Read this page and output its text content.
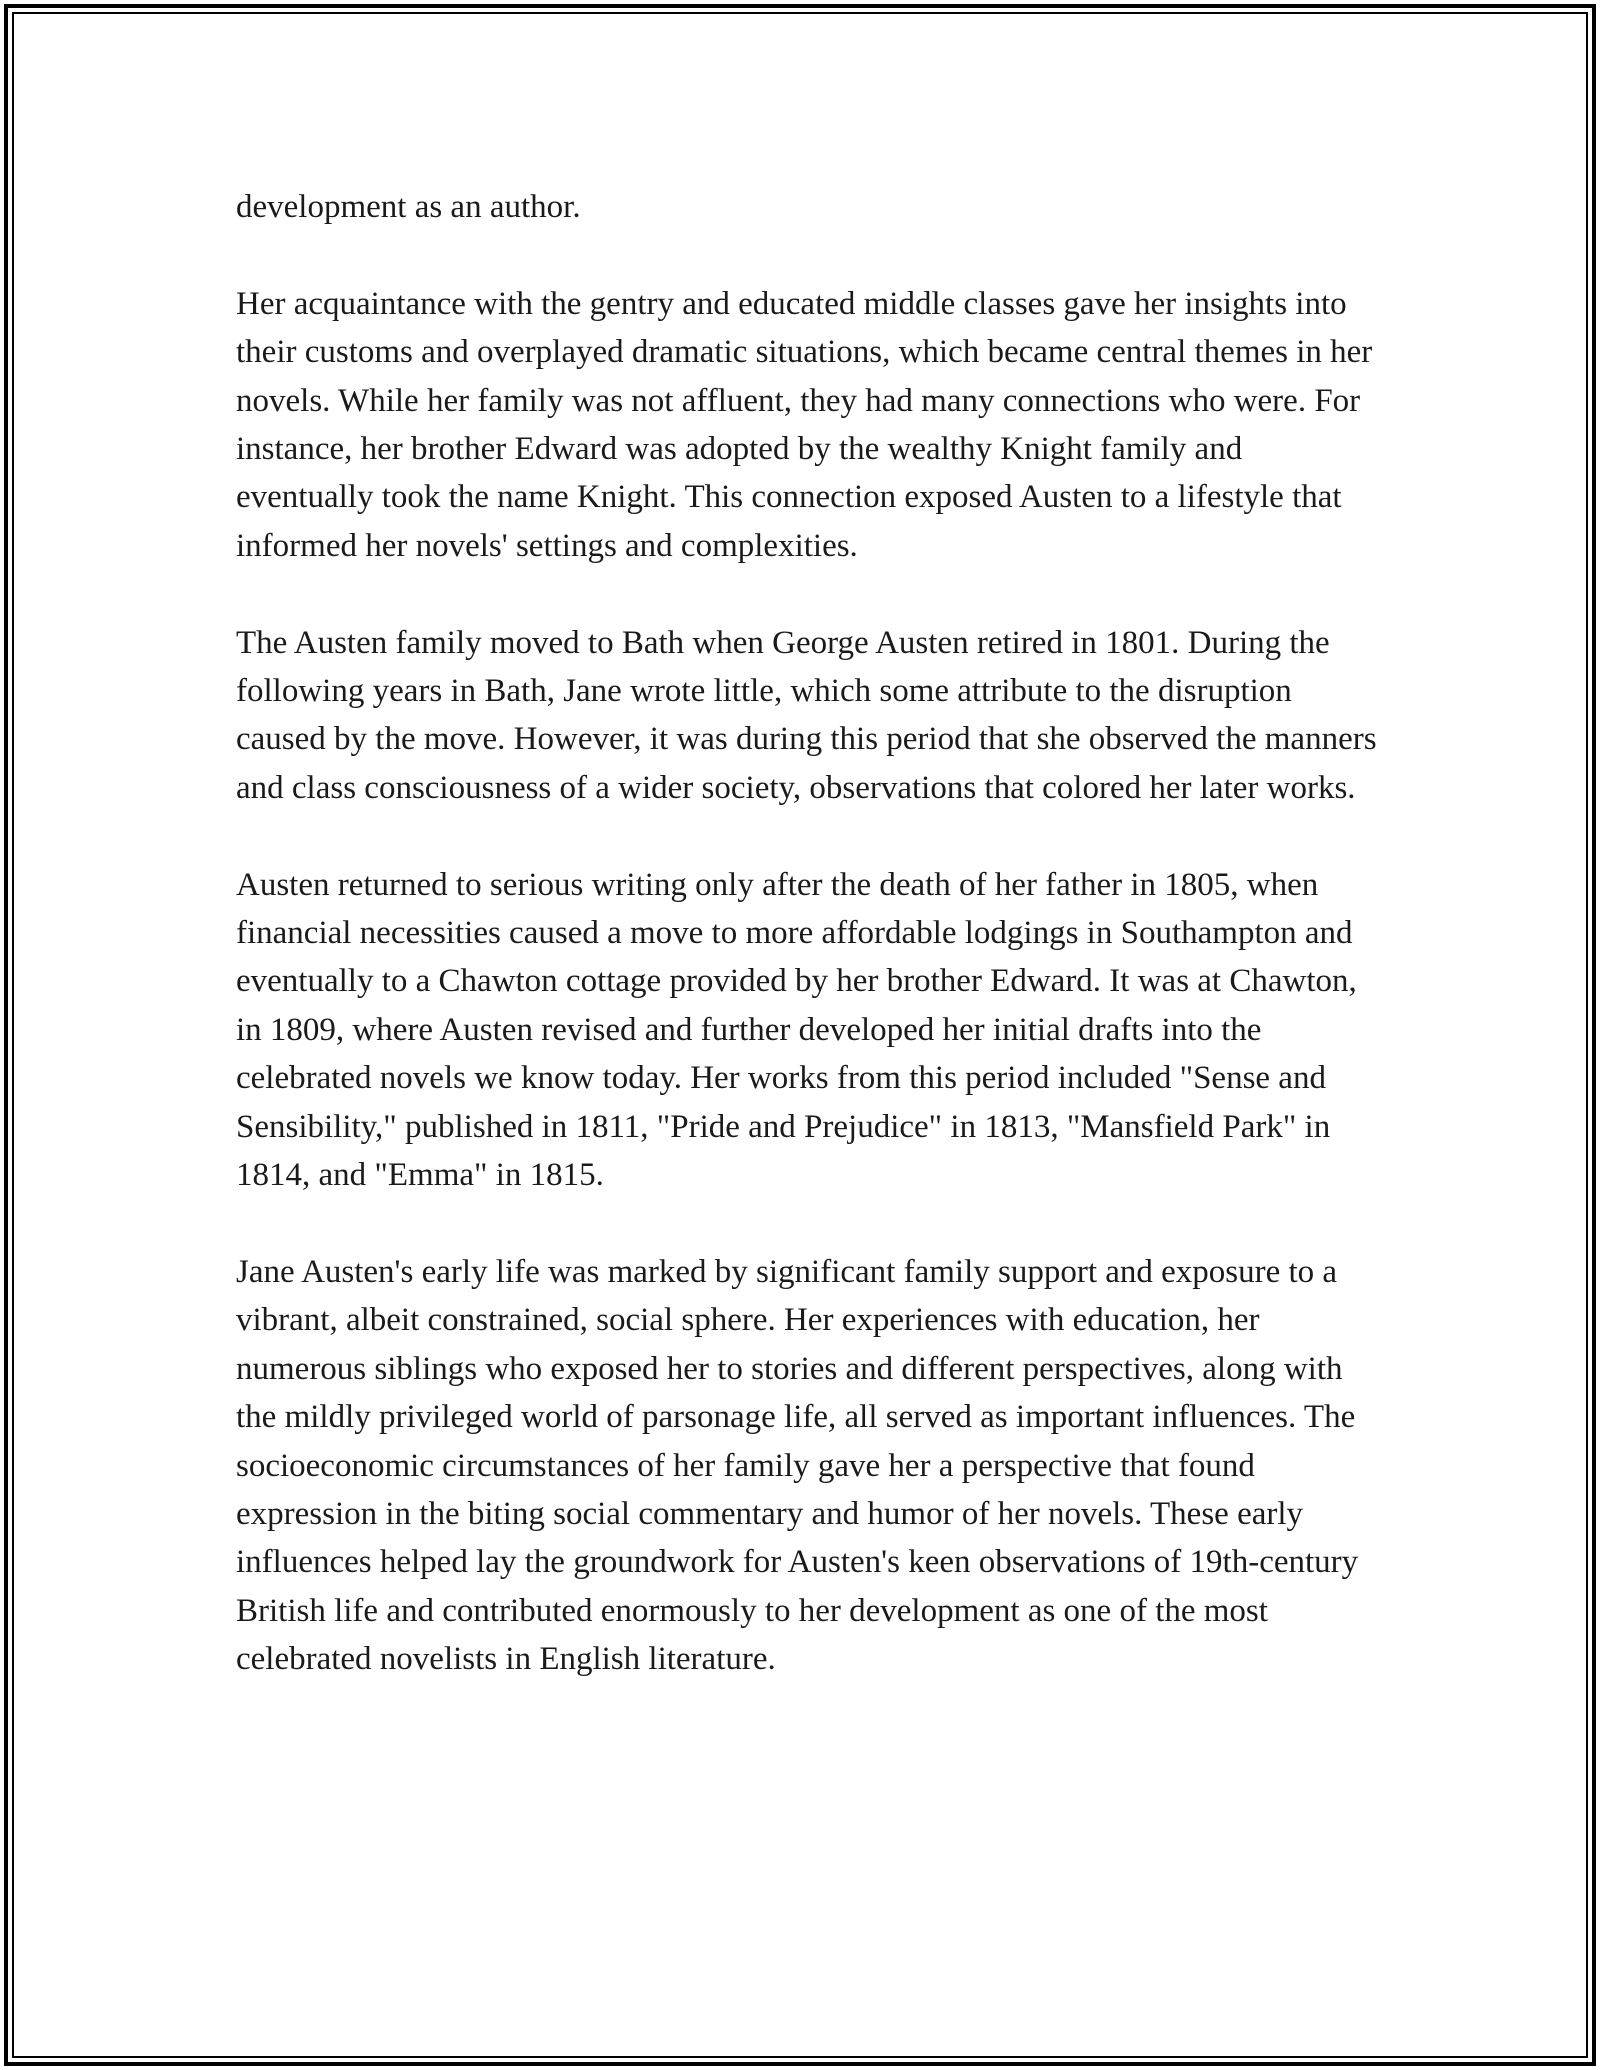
development as an author.

Her acquaintance with the gentry and educated middle classes gave her insights into their customs and overplayed dramatic situations, which became central themes in her novels. While her family was not affluent, they had many connections who were. For instance, her brother Edward was adopted by the wealthy Knight family and eventually took the name Knight. This connection exposed Austen to a lifestyle that informed her novels' settings and complexities.

The Austen family moved to Bath when George Austen retired in 1801. During the following years in Bath, Jane wrote little, which some attribute to the disruption caused by the move. However, it was during this period that she observed the manners and class consciousness of a wider society, observations that colored her later works.

Austen returned to serious writing only after the death of her father in 1805, when financial necessities caused a move to more affordable lodgings in Southampton and eventually to a Chawton cottage provided by her brother Edward. It was at Chawton, in 1809, where Austen revised and further developed her initial drafts into the celebrated novels we know today. Her works from this period included "Sense and Sensibility," published in 1811, "Pride and Prejudice" in 1813, "Mansfield Park" in 1814, and "Emma" in 1815.

Jane Austen's early life was marked by significant family support and exposure to a vibrant, albeit constrained, social sphere. Her experiences with education, her numerous siblings who exposed her to stories and different perspectives, along with the mildly privileged world of parsonage life, all served as important influences. The socioeconomic circumstances of her family gave her a perspective that found expression in the biting social commentary and humor of her novels. These early influences helped lay the groundwork for Austen's keen observations of 19th-century British life and contributed enormously to her development as one of the most celebrated novelists in English literature.
